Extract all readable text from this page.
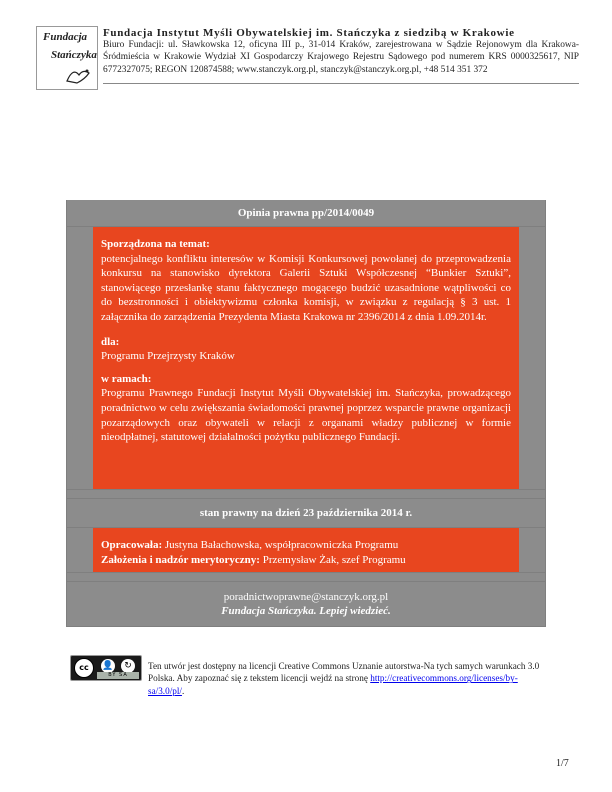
Fundacja
Stańczyka
Fundacja Instytut Myśli Obywatelskiej im. Stańczyka z siedzibą w Krakowie
Biuro Fundacji: ul. Sławkowska 12, oficyna III p., 31-014 Kraków, zarejestrowana w Sądzie Rejonowym dla Krakowa-Śródmieścia w Krakowie Wydział XI Gospodarczy Krajowego Rejestru Sądowego pod numerem KRS 0000325617, NIP 6772327075; REGON 120874588; www.stanczyk.org.pl, stanczyk@stanczyk.org.pl, +48 514 351 372
Opinia prawna pp/2014/0049
Sporządzona na temat:
potencjalnego konfliktu interesów w Komisji Konkursowej powołanej do przeprowadzenia konkursu na stanowisko dyrektora Galerii Sztuki Współczesnej “Bunkier Sztuki”, stanowiącego przesłankę stanu faktycznego mogącego budzić uzasadnione wątpliwości co do bezstronności i obiektywizmu członka komisji, w związku z regulacją § 3 ust. 1 załącznika do zarządzenia Prezydenta Miasta Krakowa nr 2396/2014 z dnia 1.09.2014r.
dla:
Programu Przejrzysty Kraków
w ramach:
Programu Prawnego Fundacji Instytut Myśli Obywatelskiej im. Stańczyka, prowadzącego poradnictwo w celu zwiększania świadomości prawnej poprzez wsparcie prawne organizacji pozarządowych oraz obywateli w relacji z organami władzy publicznej w formie nieodpłatnej, statutowej działalności pożytku publicznego Fundacji.
stan prawny na dzień 23 października 2014 r.
Opracowała: Justyna Bałachowska, współpracowniczka Programu
Założenia i nadzór merytoryczny: Przemysław Żak, szef Programu
poradnictwoprawne@stanczyk.org.pl
Fundacja Stańczyka. Lepiej wiedzieć.
cc	👤	↻
BY SA
Ten utwór jest dostępny na licencji Creative Commons Uznanie autorstwa-Na tych samych warunkach 3.0 Polska. Aby zapoznać się z tekstem licencji wejdź na stronę http://creativecommons.org/licenses/by-sa/3.0/pl/.
1/7
